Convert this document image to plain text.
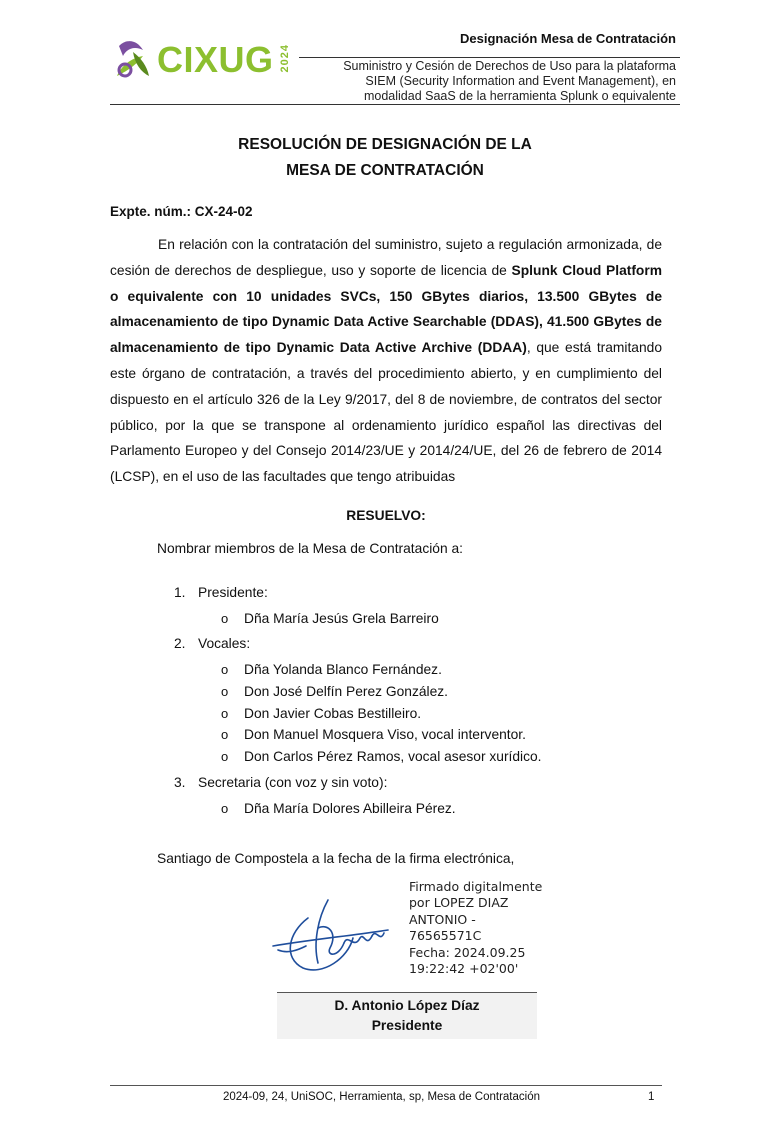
CIXUG 2024
Designación Mesa de Contratación
Suministro y Cesión de Derechos de Uso para la plataforma
SIEM (Security Information and Event Management), en
modalidad SaaS de la herramienta Splunk o equivalente
RESOLUCIÓN DE DESIGNACIÓN DE LA
MESA DE CONTRATACIÓN
Expte. núm.: CX-24-02
En relación con la contratación del suministro, sujeto a regulación armonizada, de cesión de derechos de despliegue, uso y soporte de licencia de Splunk Cloud Platform o equivalente con 10 unidades SVCs, 150 GBytes diarios, 13.500 GBytes de almacenamiento de tipo Dynamic Data Active Searchable (DDAS), 41.500 GBytes de almacenamiento de tipo Dynamic Data Active Archive (DDAA), que está tramitando este órgano de contratación, a través del procedimiento abierto, y en cumplimiento del dispuesto en el artículo 326 de la Ley 9/2017, del 8 de noviembre, de contratos del sector público, por la que se transpone al ordenamiento jurídico español las directivas del Parlamento Europeo y del Consejo 2014/23/UE y 2014/24/UE, del 26 de febrero de 2014 (LCSP), en el uso de las facultades que tengo atribuidas
RESUELVO:
Nombrar miembros de la Mesa de Contratación a:
1. Presidente:
o Dña María Jesús Grela Barreiro
2. Vocales:
o Dña Yolanda Blanco Fernández.
o Don José Delfín Perez González.
o Don Javier Cobas Bestilleiro.
o Don Manuel Mosquera Viso, vocal interventor.
o Don Carlos Pérez Ramos, vocal asesor xurídico.
3. Secretaria (con voz y sin voto):
o Dña María Dolores Abilleira Pérez.
Santiago de Compostela a la fecha de la firma electrónica,
Firmado digitalmente
por LOPEZ DIAZ
ANTONIO -
76565571C
Fecha: 2024.09.25
19:22:42 +02'00'
D. Antonio López Díaz
Presidente
2024-09, 24, UniSOC, Herramienta, sp, Mesa de Contratación	1
